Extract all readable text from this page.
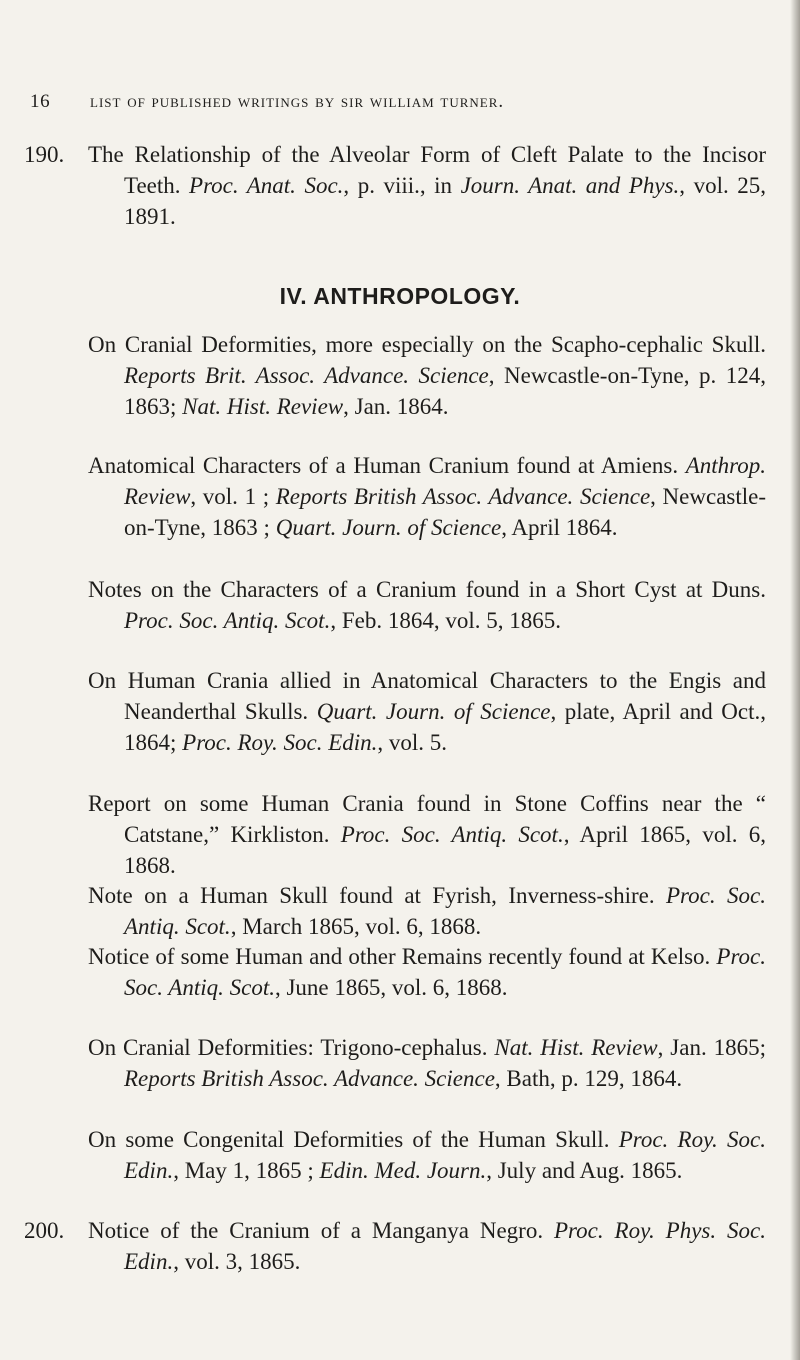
16 list of published writings by sir william turner.
190.	The Relationship of the Alveolar Form of Cleft Palate to the Incisor Teeth. Proc. Anat. Soc., p. viii., in Journ. Anat. and Phys., vol. 25, 1891.
IV. ANTHROPOLOGY.
On Cranial Deformities, more especially on the Scapho-cephalic Skull. Reports Brit. Assoc. Advance. Science, Newcastle-on-Tyne, p. 124, 1863; Nat. Hist. Review, Jan. 1864.
Anatomical Characters of a Human Cranium found at Amiens. Anthrop. Review, vol. 1 ; Reports British Assoc. Advance. Science, Newcastle-on-Tyne, 1863 ; Quart. Journ. of Science, April 1864.
Notes on the Characters of a Cranium found in a Short Cyst at Duns. Proc. Soc. Antiq. Scot., Feb. 1864, vol. 5, 1865.
On Human Crania allied in Anatomical Characters to the Engis and Neanderthal Skulls. Quart. Journ. of Science, plate, April and Oct., 1864; Proc. Roy. Soc. Edin., vol. 5.
Report on some Human Crania found in Stone Coffins near the “ Catstane,” Kirkliston. Proc. Soc. Antiq. Scot., April 1865, vol. 6, 1868.
Note on a Human Skull found at Fyrish, Inverness-shire. Proc. Soc. Antiq. Scot., March 1865, vol. 6, 1868.
Notice of some Human and other Remains recently found at Kelso. Proc. Soc. Antiq. Scot., June 1865, vol. 6, 1868.
On Cranial Deformities: Trigono-cephalus. Nat. Hist. Review, Jan. 1865; Reports British Assoc. Advance. Science, Bath, p. 129, 1864.
On some Congenital Deformities of the Human Skull. Proc. Roy. Soc. Edin., May 1, 1865 ; Edin. Med. Journ., July and Aug. 1865.
200.	Notice of the Cranium of a Manganya Negro. Proc. Roy. Phys. Soc. Edin., vol. 3, 1865.
